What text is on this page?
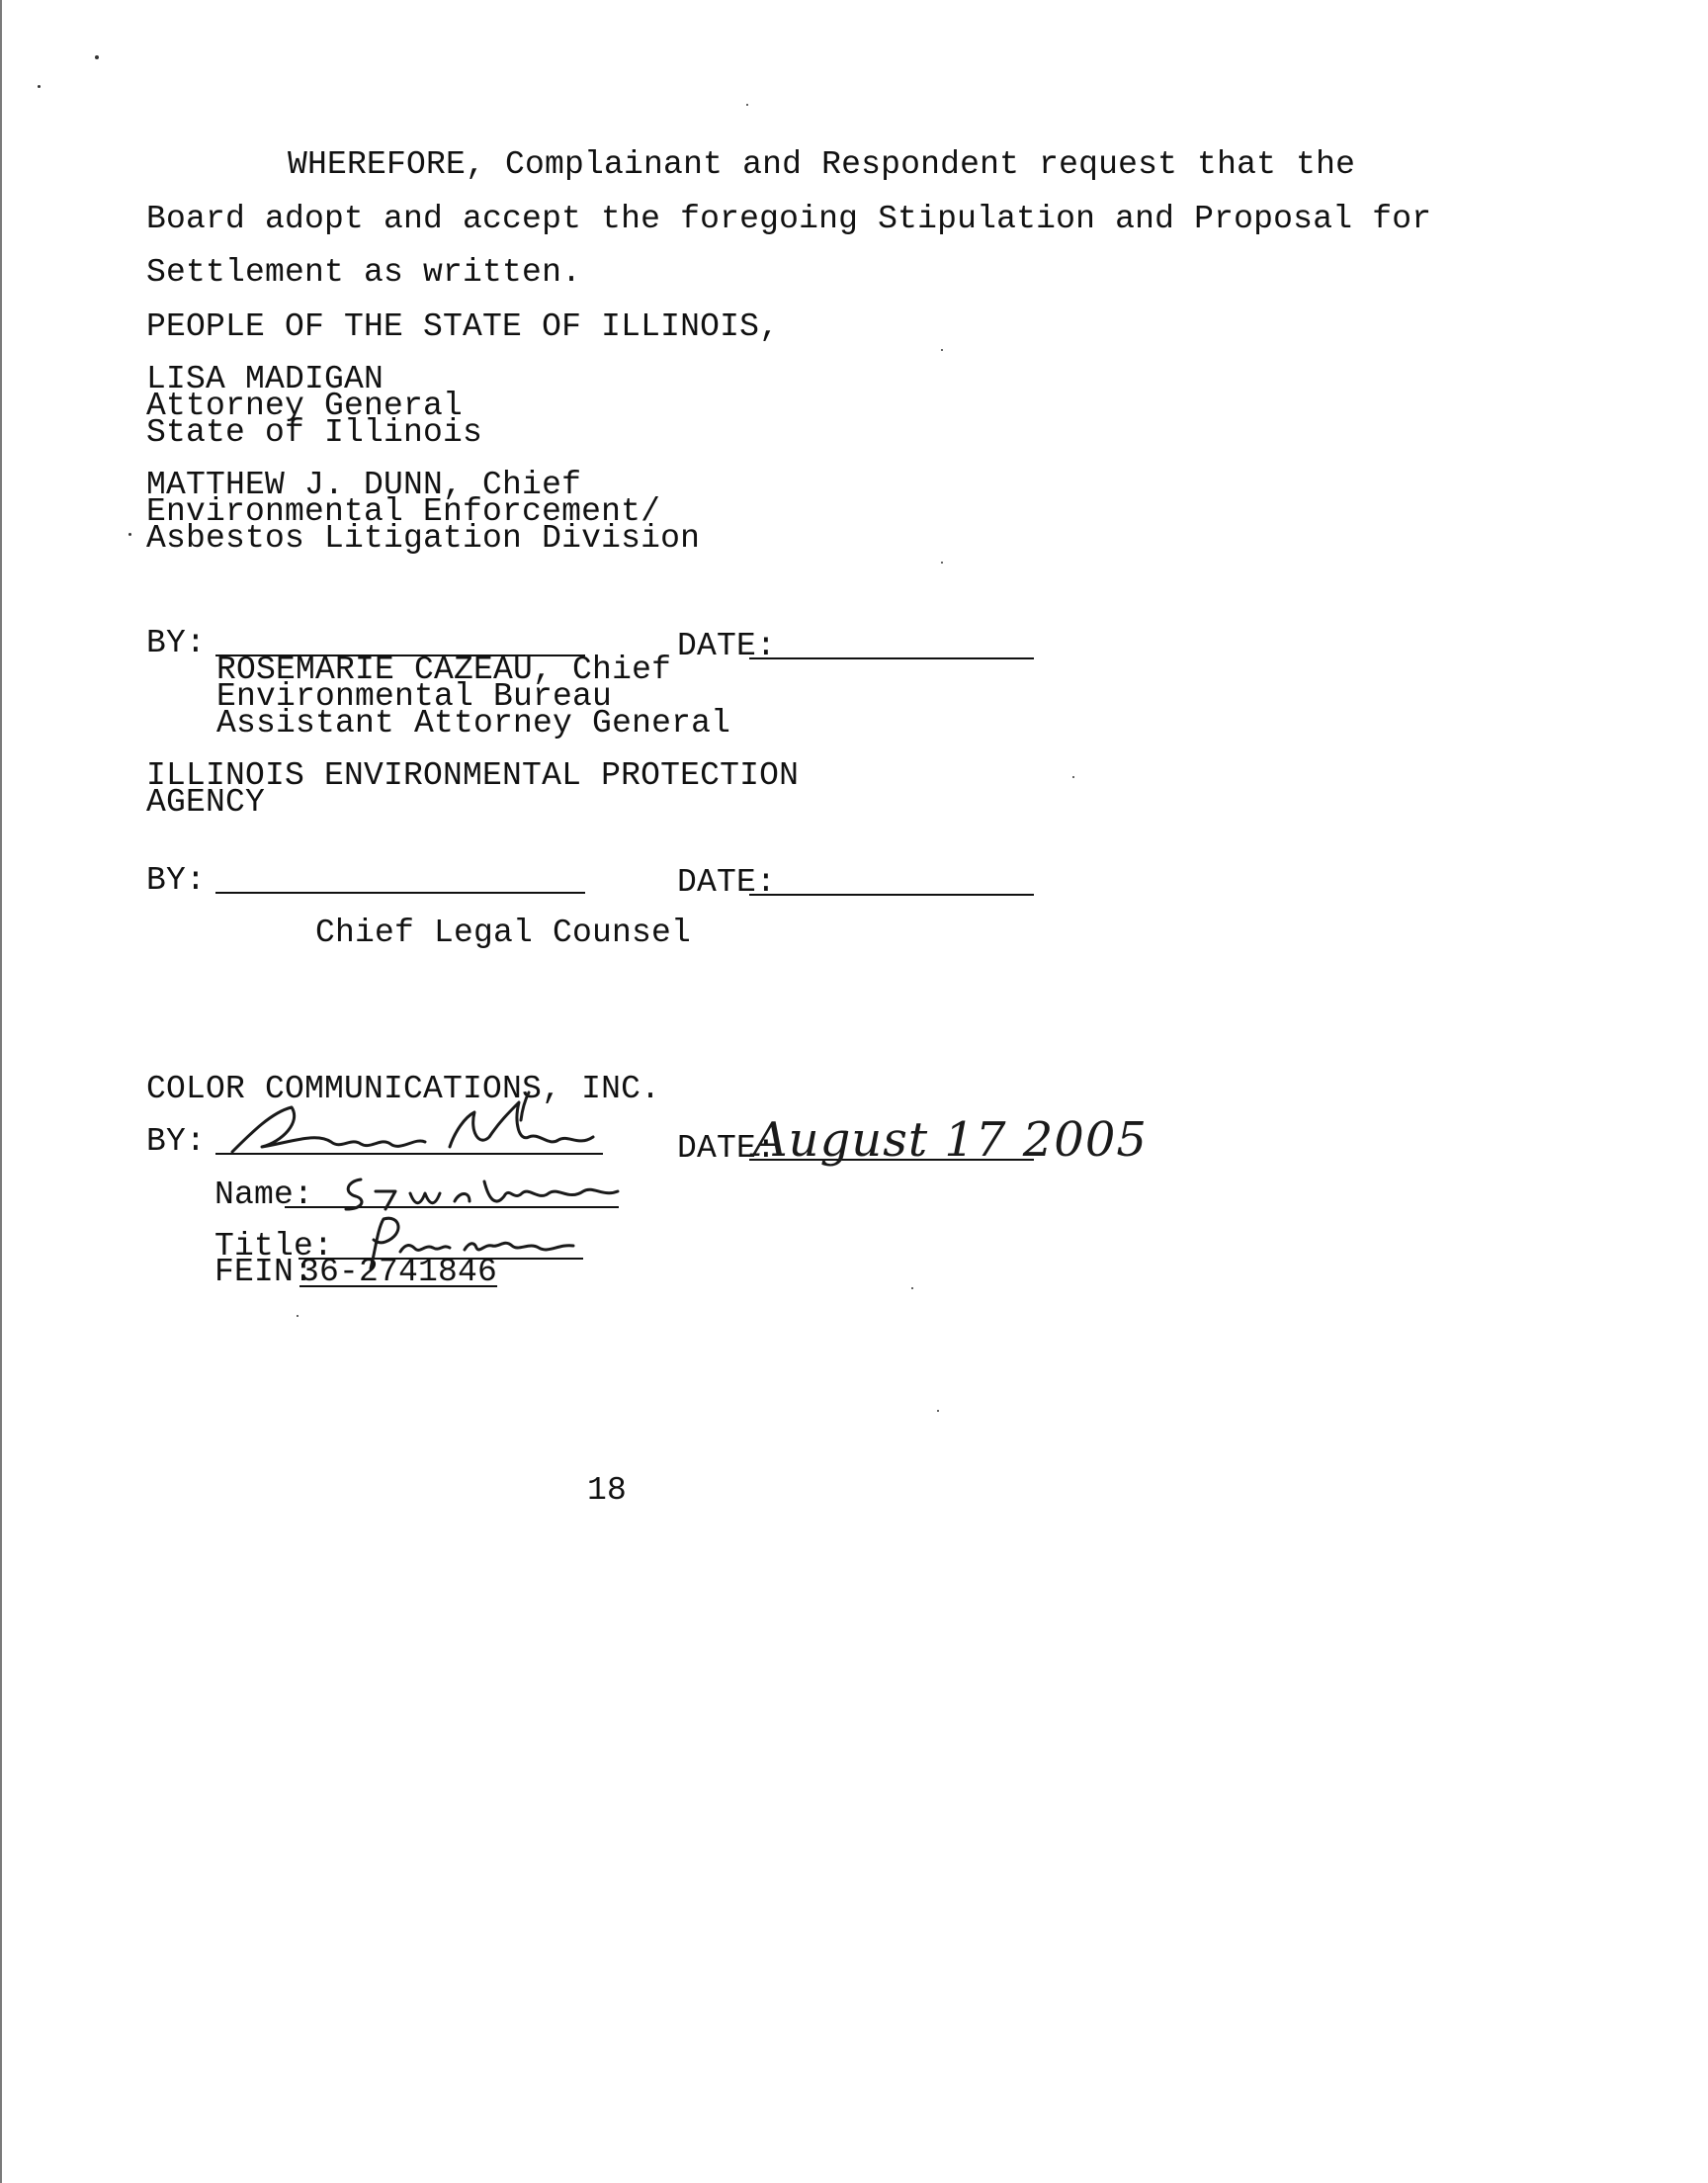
WHEREFORE, Complainant and Respondent request that the
Board adopt and accept the foregoing Stipulation and Proposal for
Settlement as written.
PEOPLE OF THE STATE OF ILLINOIS,
LISA MADIGAN
Attorney General
State of Illinois
MATTHEW J. DUNN, Chief
Environmental Enforcement/
Asbestos Litigation Division
BY:	DATE:
ROSEMARIE CAZEAU, Chief
Environmental Bureau
Assistant Attorney General
ILLINOIS ENVIRONMENTAL PROTECTION
AGENCY
BY:	DATE:
Chief Legal Counsel
COLOR COMMUNICATIONS, INC.
BY:	DATE:
August 17 2005
Name:
Title:
FEIN:
36-2741846
18
